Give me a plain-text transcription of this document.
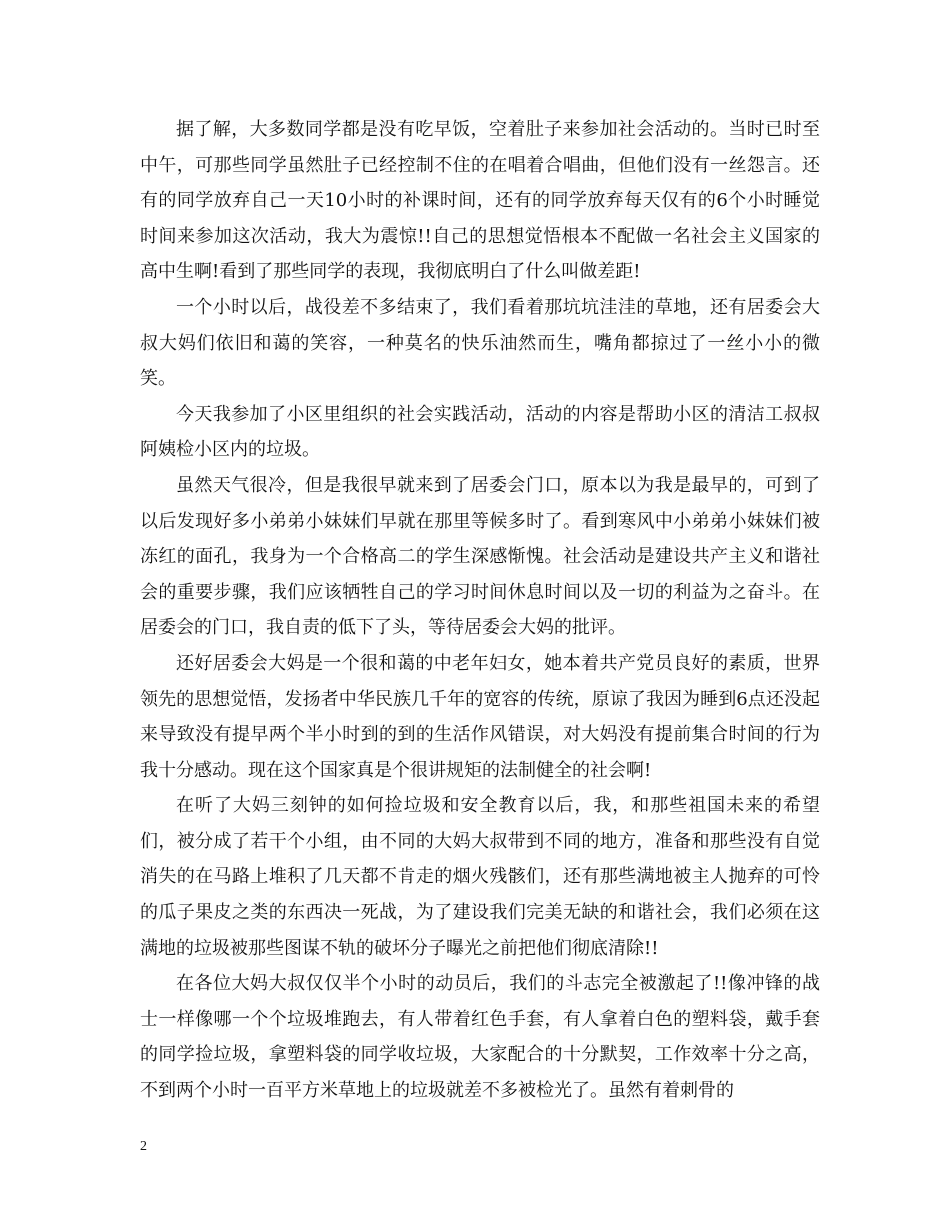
据了解，大多数同学都是没有吃早饭，空着肚子来参加社会活动的。当时已时至中午，可那些同学虽然肚子已经控制不住的在唱着合唱曲，但他们没有一丝怨言。还有的同学放弃自己一天10小时的补课时间，还有的同学放弃每天仅有的6个小时睡觉时间来参加这次活动，我大为震惊!!自己的思想觉悟根本不配做一名社会主义国家的高中生啊!看到了那些同学的表现，我彻底明白了什么叫做差距!

一个小时以后，战役差不多结束了，我们看着那坑坑洼洼的草地，还有居委会大叔大妈们依旧和蔼的笑容，一种莫名的快乐油然而生，嘴角都掠过了一丝小小的微笑。

今天我参加了小区里组织的社会实践活动，活动的内容是帮助小区的清洁工叔叔阿姨检小区内的垃圾。

虽然天气很冷，但是我很早就来到了居委会门口，原本以为我是最早的，可到了以后发现好多小弟弟小妹妹们早就在那里等候多时了。看到寒风中小弟弟小妹妹们被冻红的面孔，我身为一个合格高二的学生深感惭愧。社会活动是建设共产主义和谐社会的重要步骤，我们应该牺牲自己的学习时间休息时间以及一切的利益为之奋斗。在居委会的门口，我自责的低下了头，等待居委会大妈的批评。

还好居委会大妈是一个很和蔼的中老年妇女，她本着共产党员良好的素质，世界领先的思想觉悟，发扬者中华民族几千年的宽容的传统，原谅了我因为睡到6点还没起来导致没有提早两个半小时到的到的生活作风错误，对大妈没有提前集合时间的行为我十分感动。现在这个国家真是个很讲规矩的法制健全的社会啊!

在听了大妈三刻钟的如何捡垃圾和安全教育以后，我，和那些祖国未来的希望们，被分成了若干个小组，由不同的大妈大叔带到不同的地方，准备和那些没有自觉消失的在马路上堆积了几天都不肯走的烟火残骸们，还有那些满地被主人抛弃的可怜的瓜子果皮之类的东西决一死战，为了建设我们完美无缺的和谐社会，我们必须在这满地的垃圾被那些图谋不轨的破坏分子曝光之前把他们彻底清除!!

在各位大妈大叔仅仅半个小时的动员后，我们的斗志完全被激起了!!像冲锋的战士一样像哪一个个垃圾堆跑去，有人带着红色手套，有人拿着白色的塑料袋，戴手套的同学捡垃圾，拿塑料袋的同学收垃圾，大家配合的十分默契，工作效率十分之高，不到两个小时一百平方米草地上的垃圾就差不多被检光了。虽然有着刺骨的

2
